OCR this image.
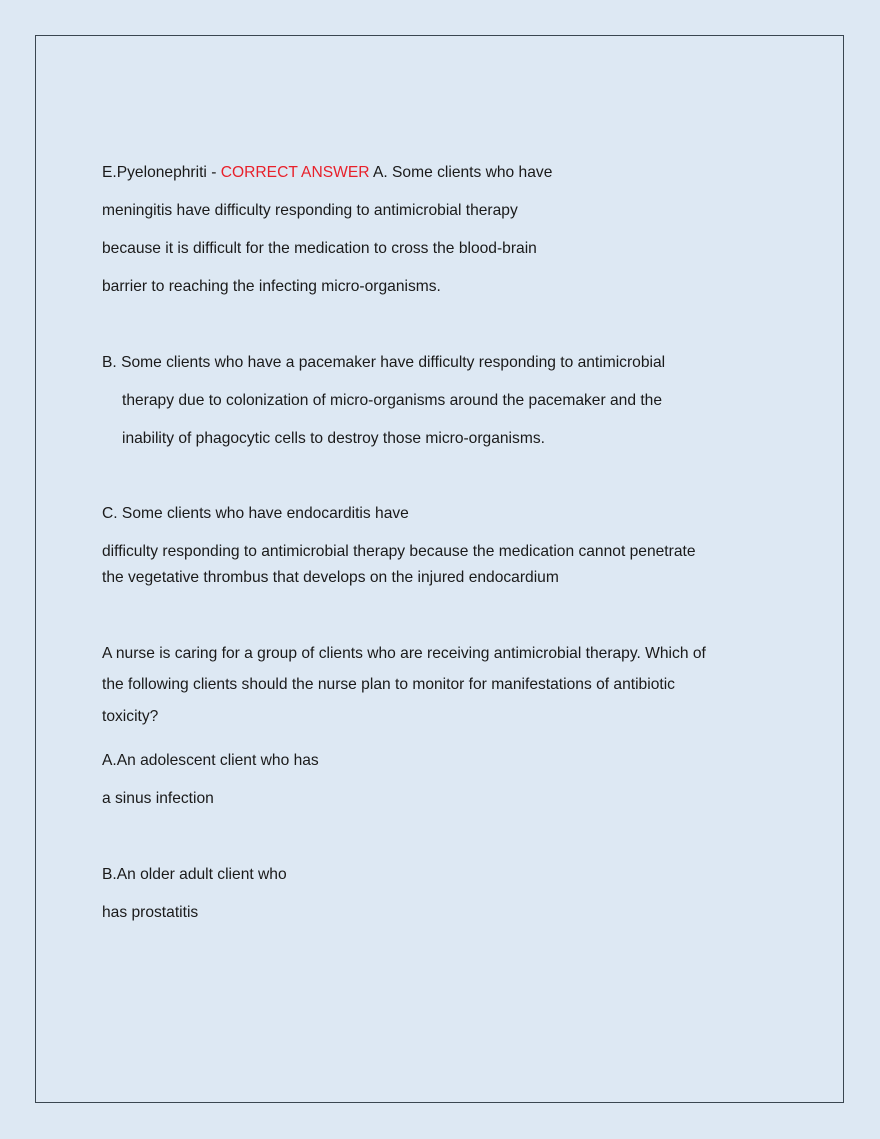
E.Pyelonephriti - CORRECT ANSWER A. Some clients who have
meningitis have difficulty responding to antimicrobial therapy
because it is difficult for the medication to cross the blood-brain
barrier to reaching the infecting micro-organisms.
B. Some clients who have a pacemaker have difficulty responding to antimicrobial
therapy due to colonization of micro-organisms around the pacemaker and the
inability of phagocytic cells to destroy those micro-organisms.
C. Some clients who have endocarditis have
difficulty responding to antimicrobial therapy because the medication cannot penetrate
the vegetative thrombus that develops on the injured endocardium
A nurse is caring for a group of clients who are receiving antimicrobial therapy. Which of
the following clients should the nurse plan to monitor for manifestations of antibiotic
toxicity?
A.An adolescent client who has
a sinus infection
B.An older adult client who
has prostatitis
